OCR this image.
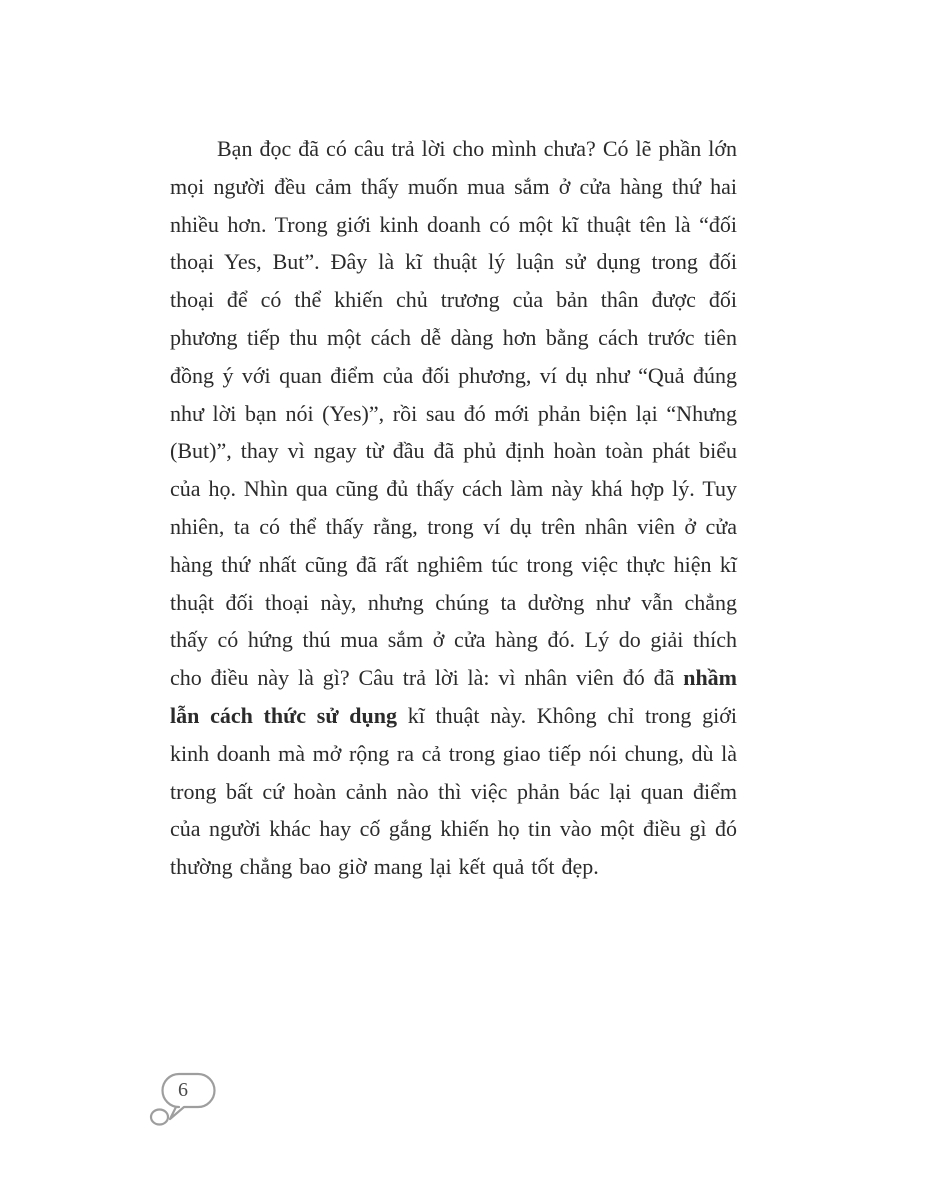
Bạn đọc đã có câu trả lời cho mình chưa? Có lẽ phần lớn mọi người đều cảm thấy muốn mua sắm ở cửa hàng thứ hai nhiều hơn. Trong giới kinh doanh có một kĩ thuật tên là “đối thoại Yes, But”. Đây là kĩ thuật lý luận sử dụng trong đối thoại để có thể khiến chủ trương của bản thân được đối phương tiếp thu một cách dễ dàng hơn bằng cách trước tiên đồng ý với quan điểm của đối phương, ví dụ như “Quả đúng như lời bạn nói (Yes)”, rồi sau đó mới phản biện lại “Nhưng (But)”, thay vì ngay từ đầu đã phủ định hoàn toàn phát biểu của họ. Nhìn qua cũng đủ thấy cách làm này khá hợp lý. Tuy nhiên, ta có thể thấy rằng, trong ví dụ trên nhân viên ở cửa hàng thứ nhất cũng đã rất nghiêm túc trong việc thực hiện kĩ thuật đối thoại này, nhưng chúng ta dường như vẫn chẳng thấy có hứng thú mua sắm ở cửa hàng đó. Lý do giải thích cho điều này là gì? Câu trả lời là: vì nhân viên đó đã nhầm lẫn cách thức sử dụng kĩ thuật này. Không chỉ trong giới kinh doanh mà mở rộng ra cả trong giao tiếp nói chung, dù là trong bất cứ hoàn cảnh nào thì việc phản bác lại quan điểm của người khác hay cố gắng khiến họ tin vào một điều gì đó thường chẳng bao giờ mang lại kết quả tốt đẹp.

6
